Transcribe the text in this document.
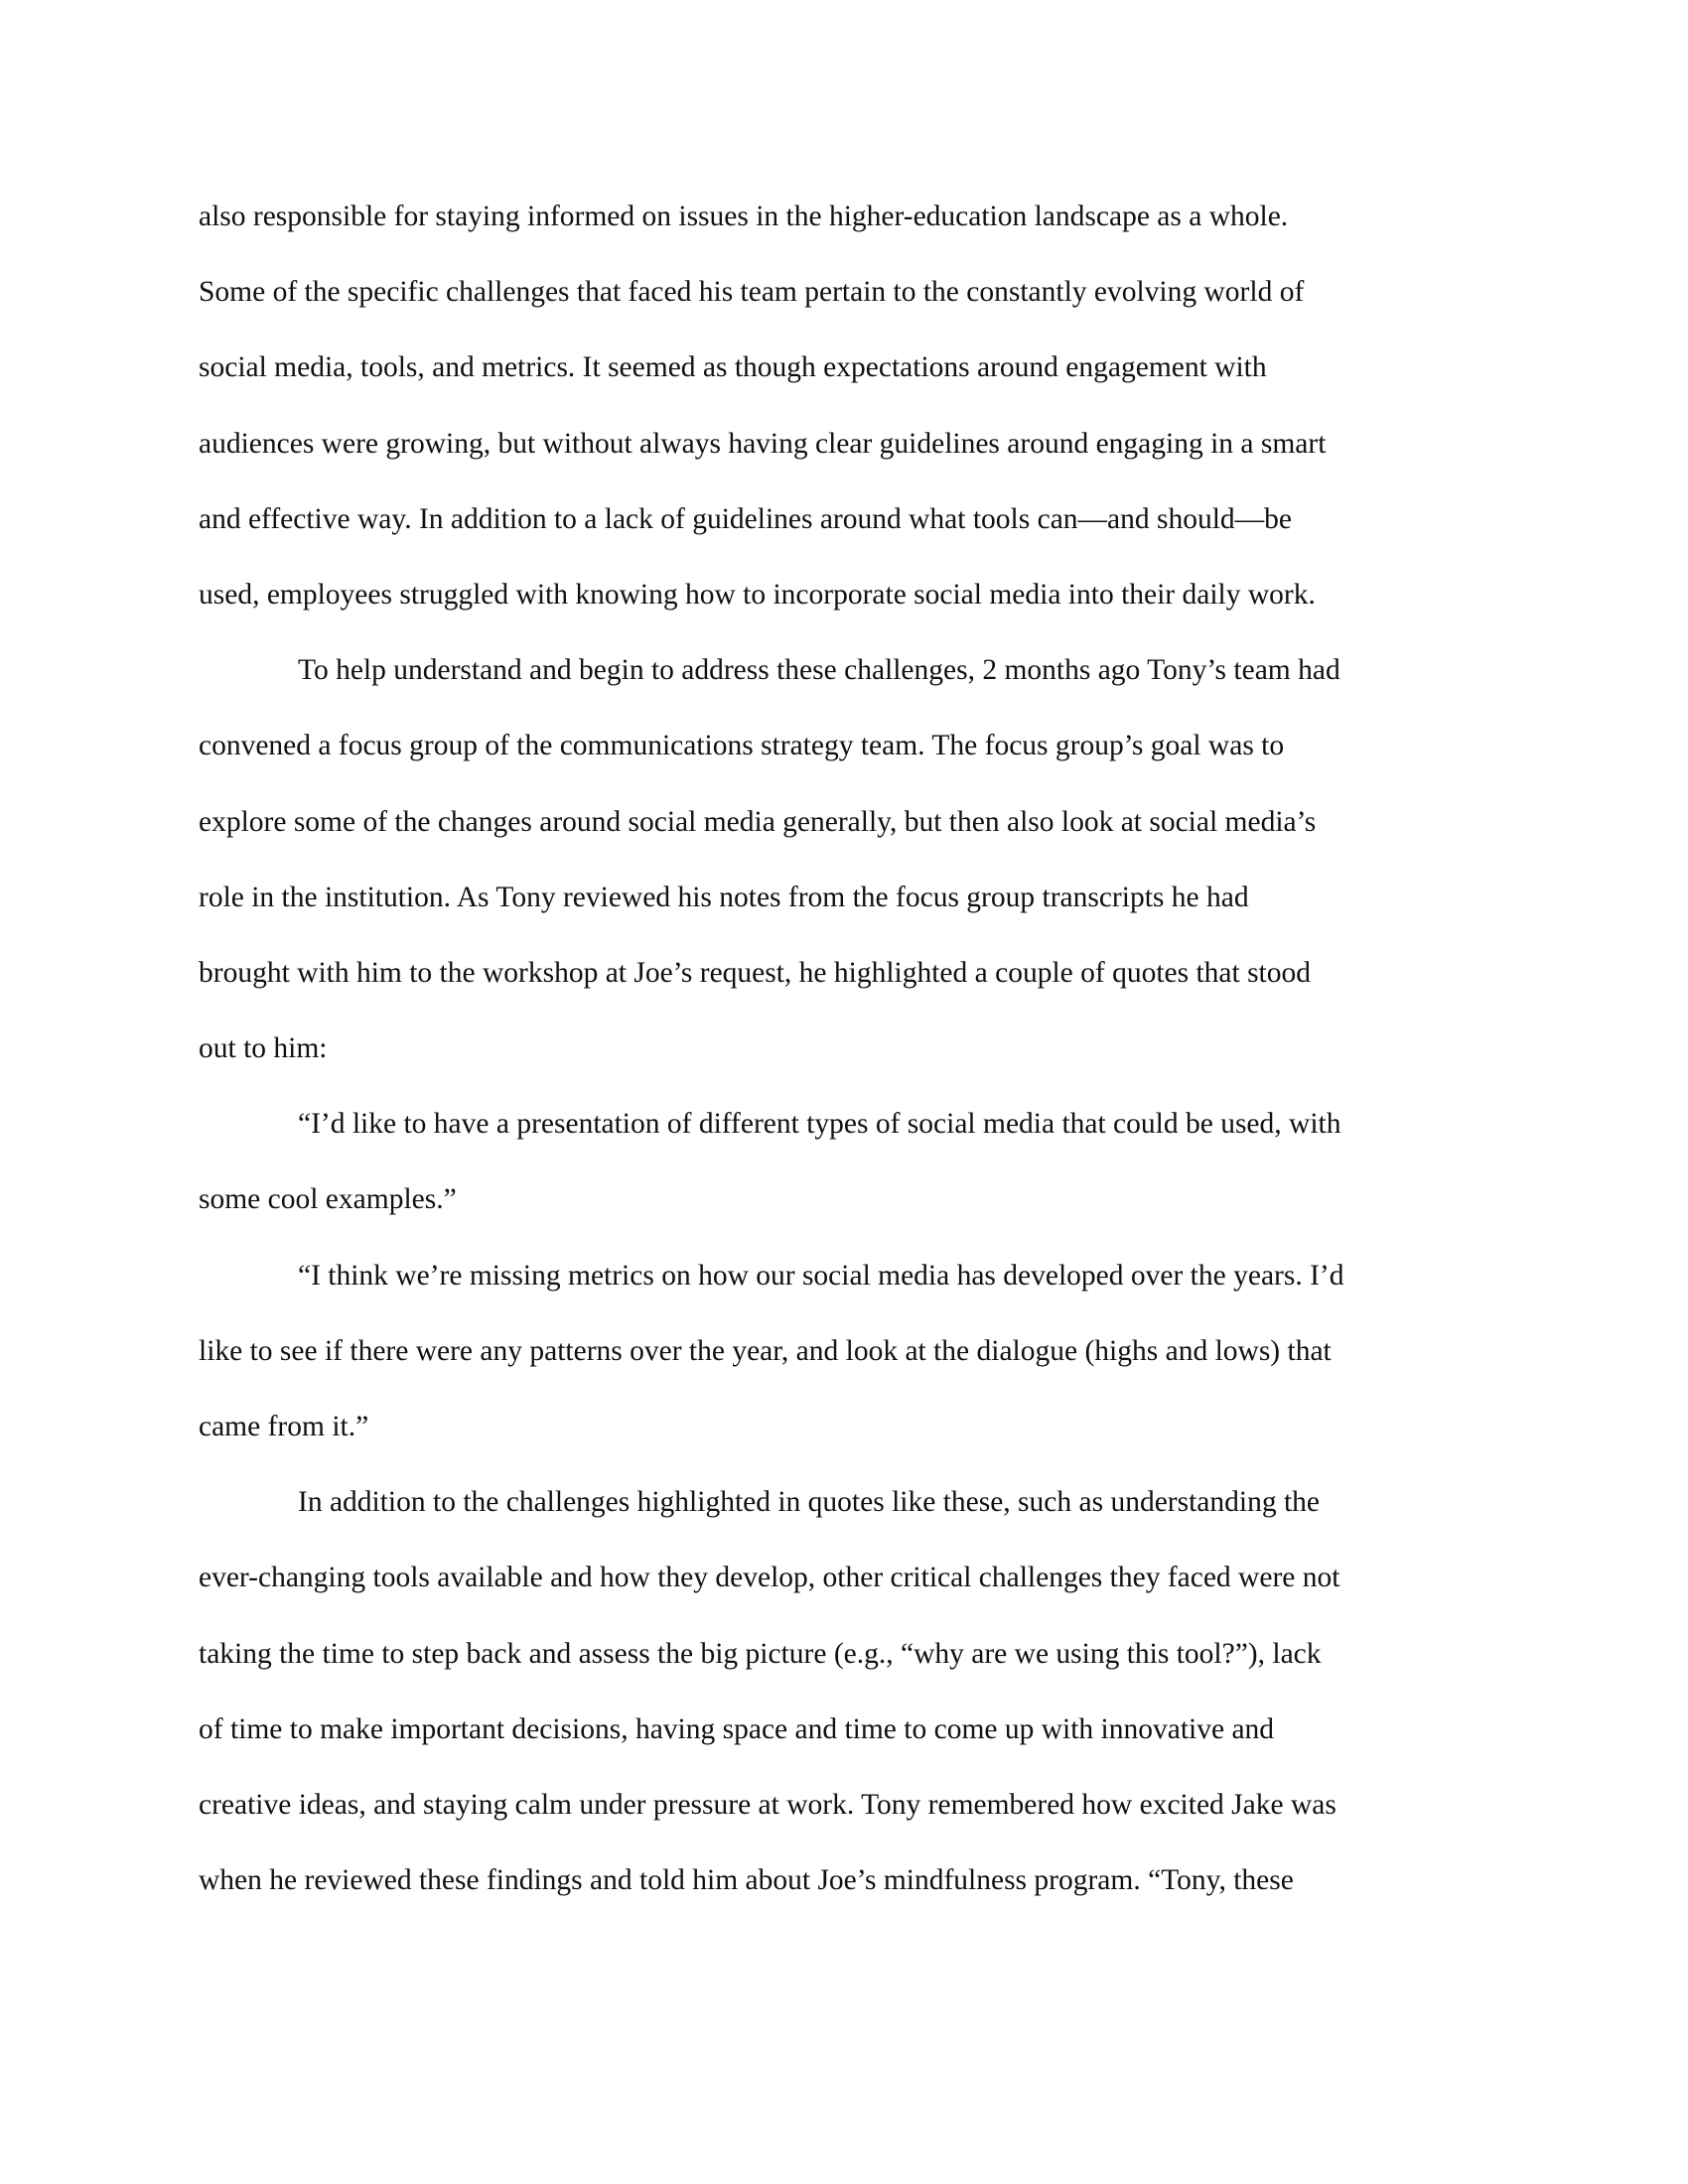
also responsible for staying informed on issues in the higher-education landscape as a whole.
Some of the specific challenges that faced his team pertain to the constantly evolving world of
social media, tools, and metrics. It seemed as though expectations around engagement with
audiences were growing, but without always having clear guidelines around engaging in a smart
and effective way. In addition to a lack of guidelines around what tools can—and should—be
used, employees struggled with knowing how to incorporate social media into their daily work.
To help understand and begin to address these challenges, 2 months ago Tony’s team had
convened a focus group of the communications strategy team. The focus group’s goal was to
explore some of the changes around social media generally, but then also look at social media’s
role in the institution. As Tony reviewed his notes from the focus group transcripts he had
brought with him to the workshop at Joe’s request, he highlighted a couple of quotes that stood
out to him:
“I’d like to have a presentation of different types of social media that could be used, with
some cool examples.”
“I think we’re missing metrics on how our social media has developed over the years. I’d
like to see if there were any patterns over the year, and look at the dialogue (highs and lows) that
came from it.”
In addition to the challenges highlighted in quotes like these, such as understanding the
ever-changing tools available and how they develop, other critical challenges they faced were not
taking the time to step back and assess the big picture (e.g., “why are we using this tool?”), lack
of time to make important decisions, having space and time to come up with innovative and
creative ideas, and staying calm under pressure at work. Tony remembered how excited Jake was
when he reviewed these findings and told him about Joe’s mindfulness program. “Tony, these
